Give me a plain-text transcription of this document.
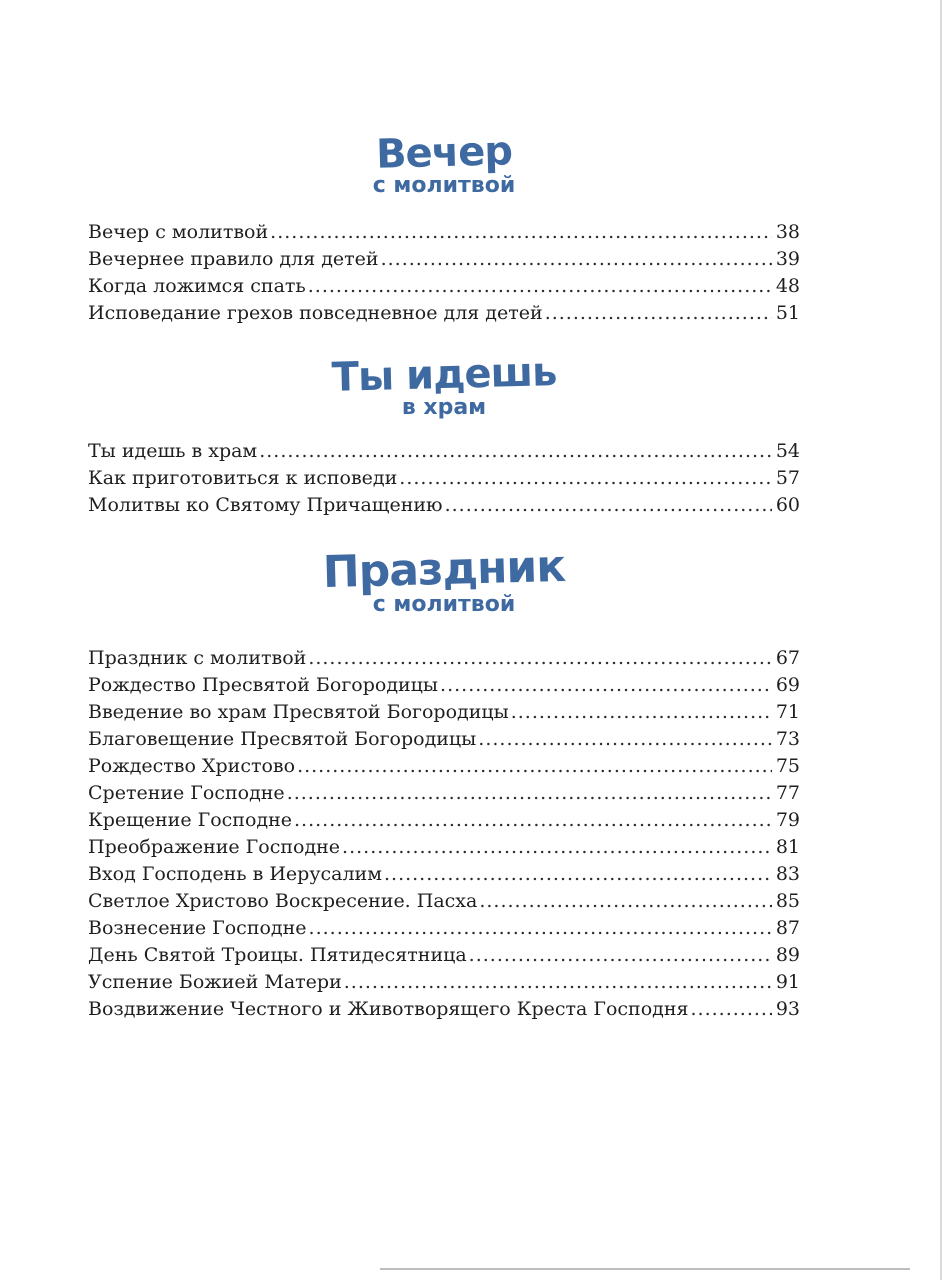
Вечер
с молитвой
Вечер с молитвой .....	38
Вечернее правило для детей .....	39
Когда ложимся спать .....	48
Исповедание грехов повседневное для детей .....	51
Ты идешь
в храм
Ты идешь в храм .....	54
Как приготовиться к исповеди .....	57
Молитвы ко Святому Причащению .....	60
Праздник
с молитвой
Праздник с молитвой .....	67
Рождество Пресвятой Богородицы .....	69
Введение во храм Пресвятой Богородицы .....	71
Благовещение Пресвятой Богородицы .....	73
Рождество Христово .....	75
Сретение Господне .....	77
Крещение Господне .....	79
Преображение Господне .....	81
Вход Господень в Иерусалим .....	83
Светлое Христово Воскресение. Пасха .....	85
Вознесение Господне .....	87
День Святой Троицы. Пятидесятница .....	89
Успение Божией Матери .....	91
Воздвижение Честного и Животворящего Креста Господня .....	93
